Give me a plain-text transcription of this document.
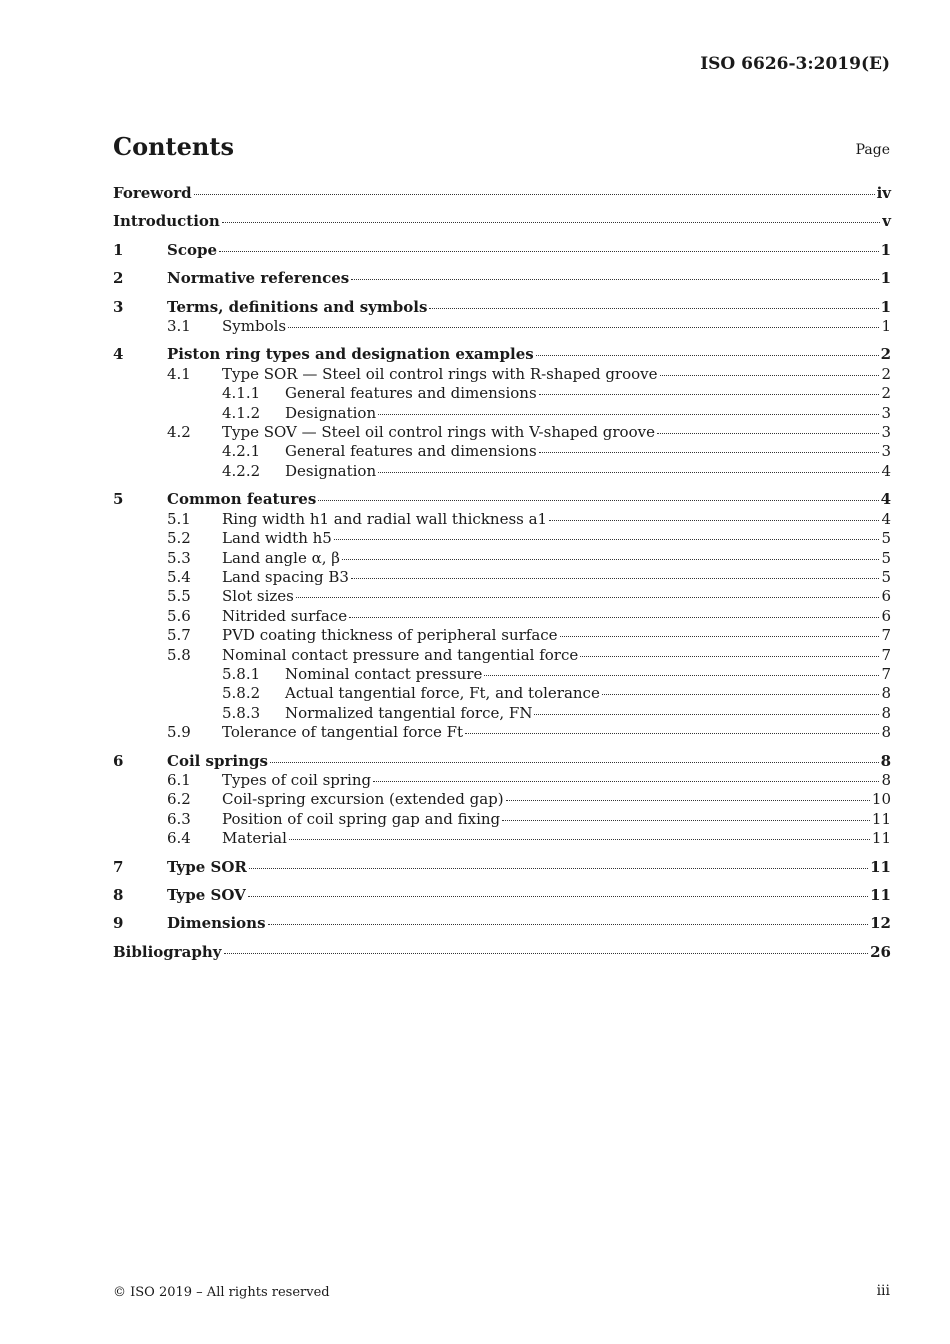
ISO 6626-3:2019(E)
Contents	Page
Foreword	iv
Introduction	v
1	Scope	1
2	Normative references	1
3	Terms, definitions and symbols	1
3.1	Symbols	1
4	Piston ring types and designation examples	2
4.1	Type SOR — Steel oil control rings with R-shaped groove	2
4.1.1	General features and dimensions	2
4.1.2	Designation	3
4.2	Type SOV — Steel oil control rings with V-shaped groove	3
4.2.1	General features and dimensions	3
4.2.2	Designation	4
5	Common features	4
5.1	Ring width h1 and radial wall thickness a1	4
5.2	Land width h5	5
5.3	Land angle α, β	5
5.4	Land spacing B3	5
5.5	Slot sizes	6
5.6	Nitrided surface	6
5.7	PVD coating thickness of peripheral surface	7
5.8	Nominal contact pressure and tangential force	7
5.8.1	Nominal contact pressure	7
5.8.2	Actual tangential force, Ft, and tolerance	8
5.8.3	Normalized tangential force, FN	8
5.9	Tolerance of tangential force Ft	8
6	Coil springs	8
6.1	Types of coil spring	8
6.2	Coil-spring excursion (extended gap)	10
6.3	Position of coil spring gap and fixing	11
6.4	Material	11
7	Type SOR	11
8	Type SOV	11
9	Dimensions	12
Bibliography	26
© ISO 2019 – All rights reserved	iii
